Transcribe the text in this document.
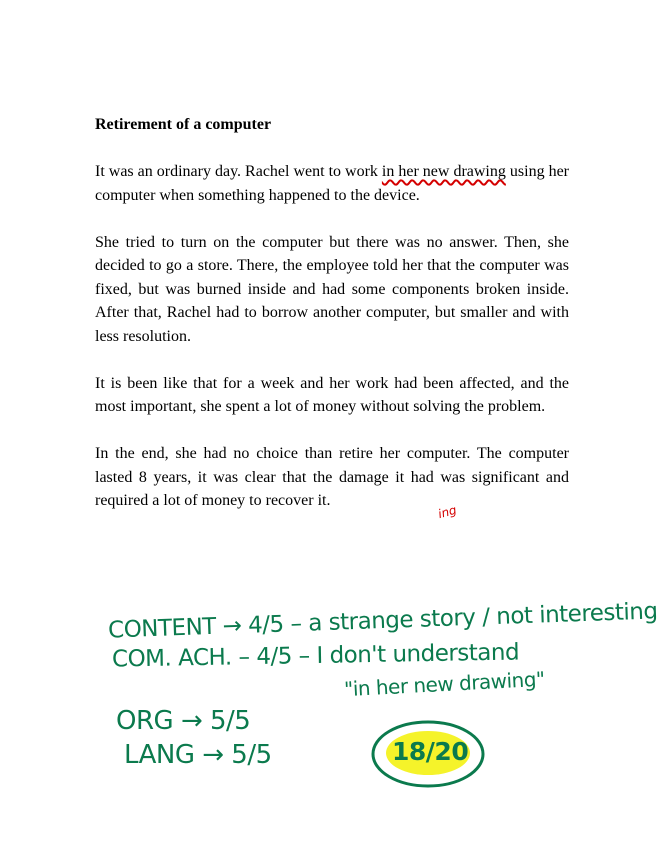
Retirement of a computer

It was an ordinary day. Rachel went to work in her new drawing using her computer when something happened to the device.

She tried to turn on the computer but there was no answer. Then, she decided to go a store. There, the employee told her that the computer was fixed, but was burned inside and had some components broken inside. After that, Rachel had to borrow another computer, but smaller and with less resolution.

It is been like that for a week and her work had been affected, and the most important, she spent a lot of money without solving the problem.

In the end, she had no choice than retire her computer. The computer lasted 8 years, it was clear that the damage it had was significant and required a lot of money to recover it.

ing
CONTENT → 4/5 – a strange story / not interesting
COM. ACH. – 4/5 – I don't understand
"in her new drawing"
ORG → 5/5
LANG → 5/5	18/20
